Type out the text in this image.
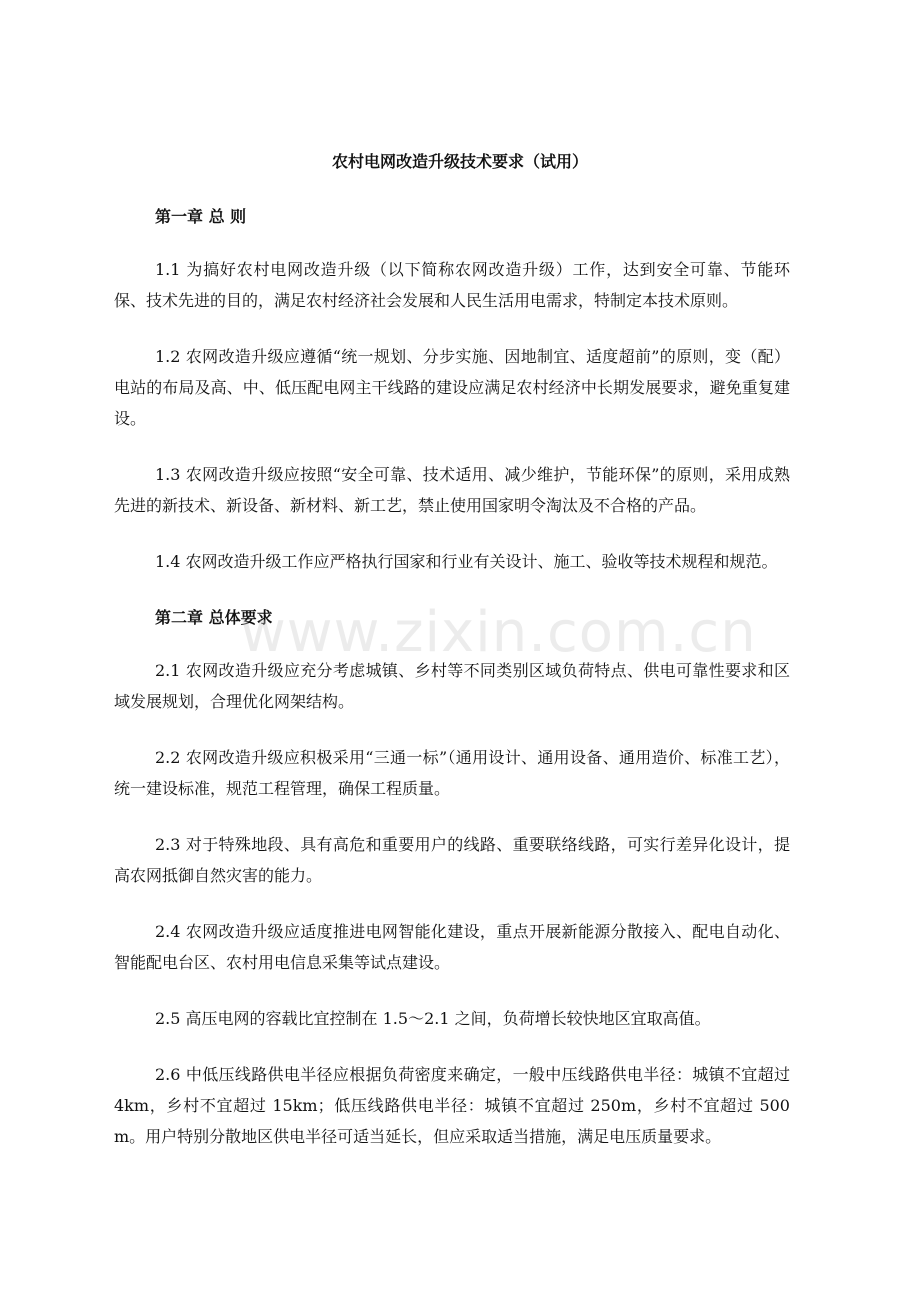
农村电网改造升级技术要求（试用）
第一章 总 则
1.1 为搞好农村电网改造升级（以下简称农网改造升级）工作，达到安全可靠、节能环保、技术先进的目的，满足农村经济社会发展和人民生活用电需求，特制定本技术原则。
1.2 农网改造升级应遵循“统一规划、分步实施、因地制宜、适度超前”的原则，变（配）电站的布局及高、中、低压配电网主干线路的建设应满足农村经济中长期发展要求，避免重复建设。
1.3 农网改造升级应按照“安全可靠、技术适用、减少维护，节能环保”的原则，采用成熟先进的新技术、新设备、新材料、新工艺，禁止使用国家明令淘汰及不合格的产品。
1.4 农网改造升级工作应严格执行国家和行业有关设计、施工、验收等技术规程和规范。
第二章 总体要求
2.1 农网改造升级应充分考虑城镇、乡村等不同类别区域负荷特点、供电可靠性要求和区域发展规划，合理优化网架结构。
2.2 农网改造升级应积极采用“三通一标”（通用设计、通用设备、通用造价、标准工艺），统一建设标准，规范工程管理，确保工程质量。
2.3 对于特殊地段、具有高危和重要用户的线路、重要联络线路，可实行差异化设计，提高农网抵御自然灾害的能力。
2.4 农网改造升级应适度推进电网智能化建设，重点开展新能源分散接入、配电自动化、智能配电台区、农村用电信息采集等试点建设。
2.5 高压电网的容载比宜控制在 1.5～2.1 之间，负荷增长较快地区宜取高值。
2.6 中低压线路供电半径应根据负荷密度来确定，一般中压线路供电半径：城镇不宜超过 4km，乡村不宜超过 15km；低压线路供电半径：城镇不宜超过 250m，乡村不宜超过 500m。用户特别分散地区供电半径可适当延长，但应采取适当措施，满足电压质量要求。
www.zixin.com.cn
